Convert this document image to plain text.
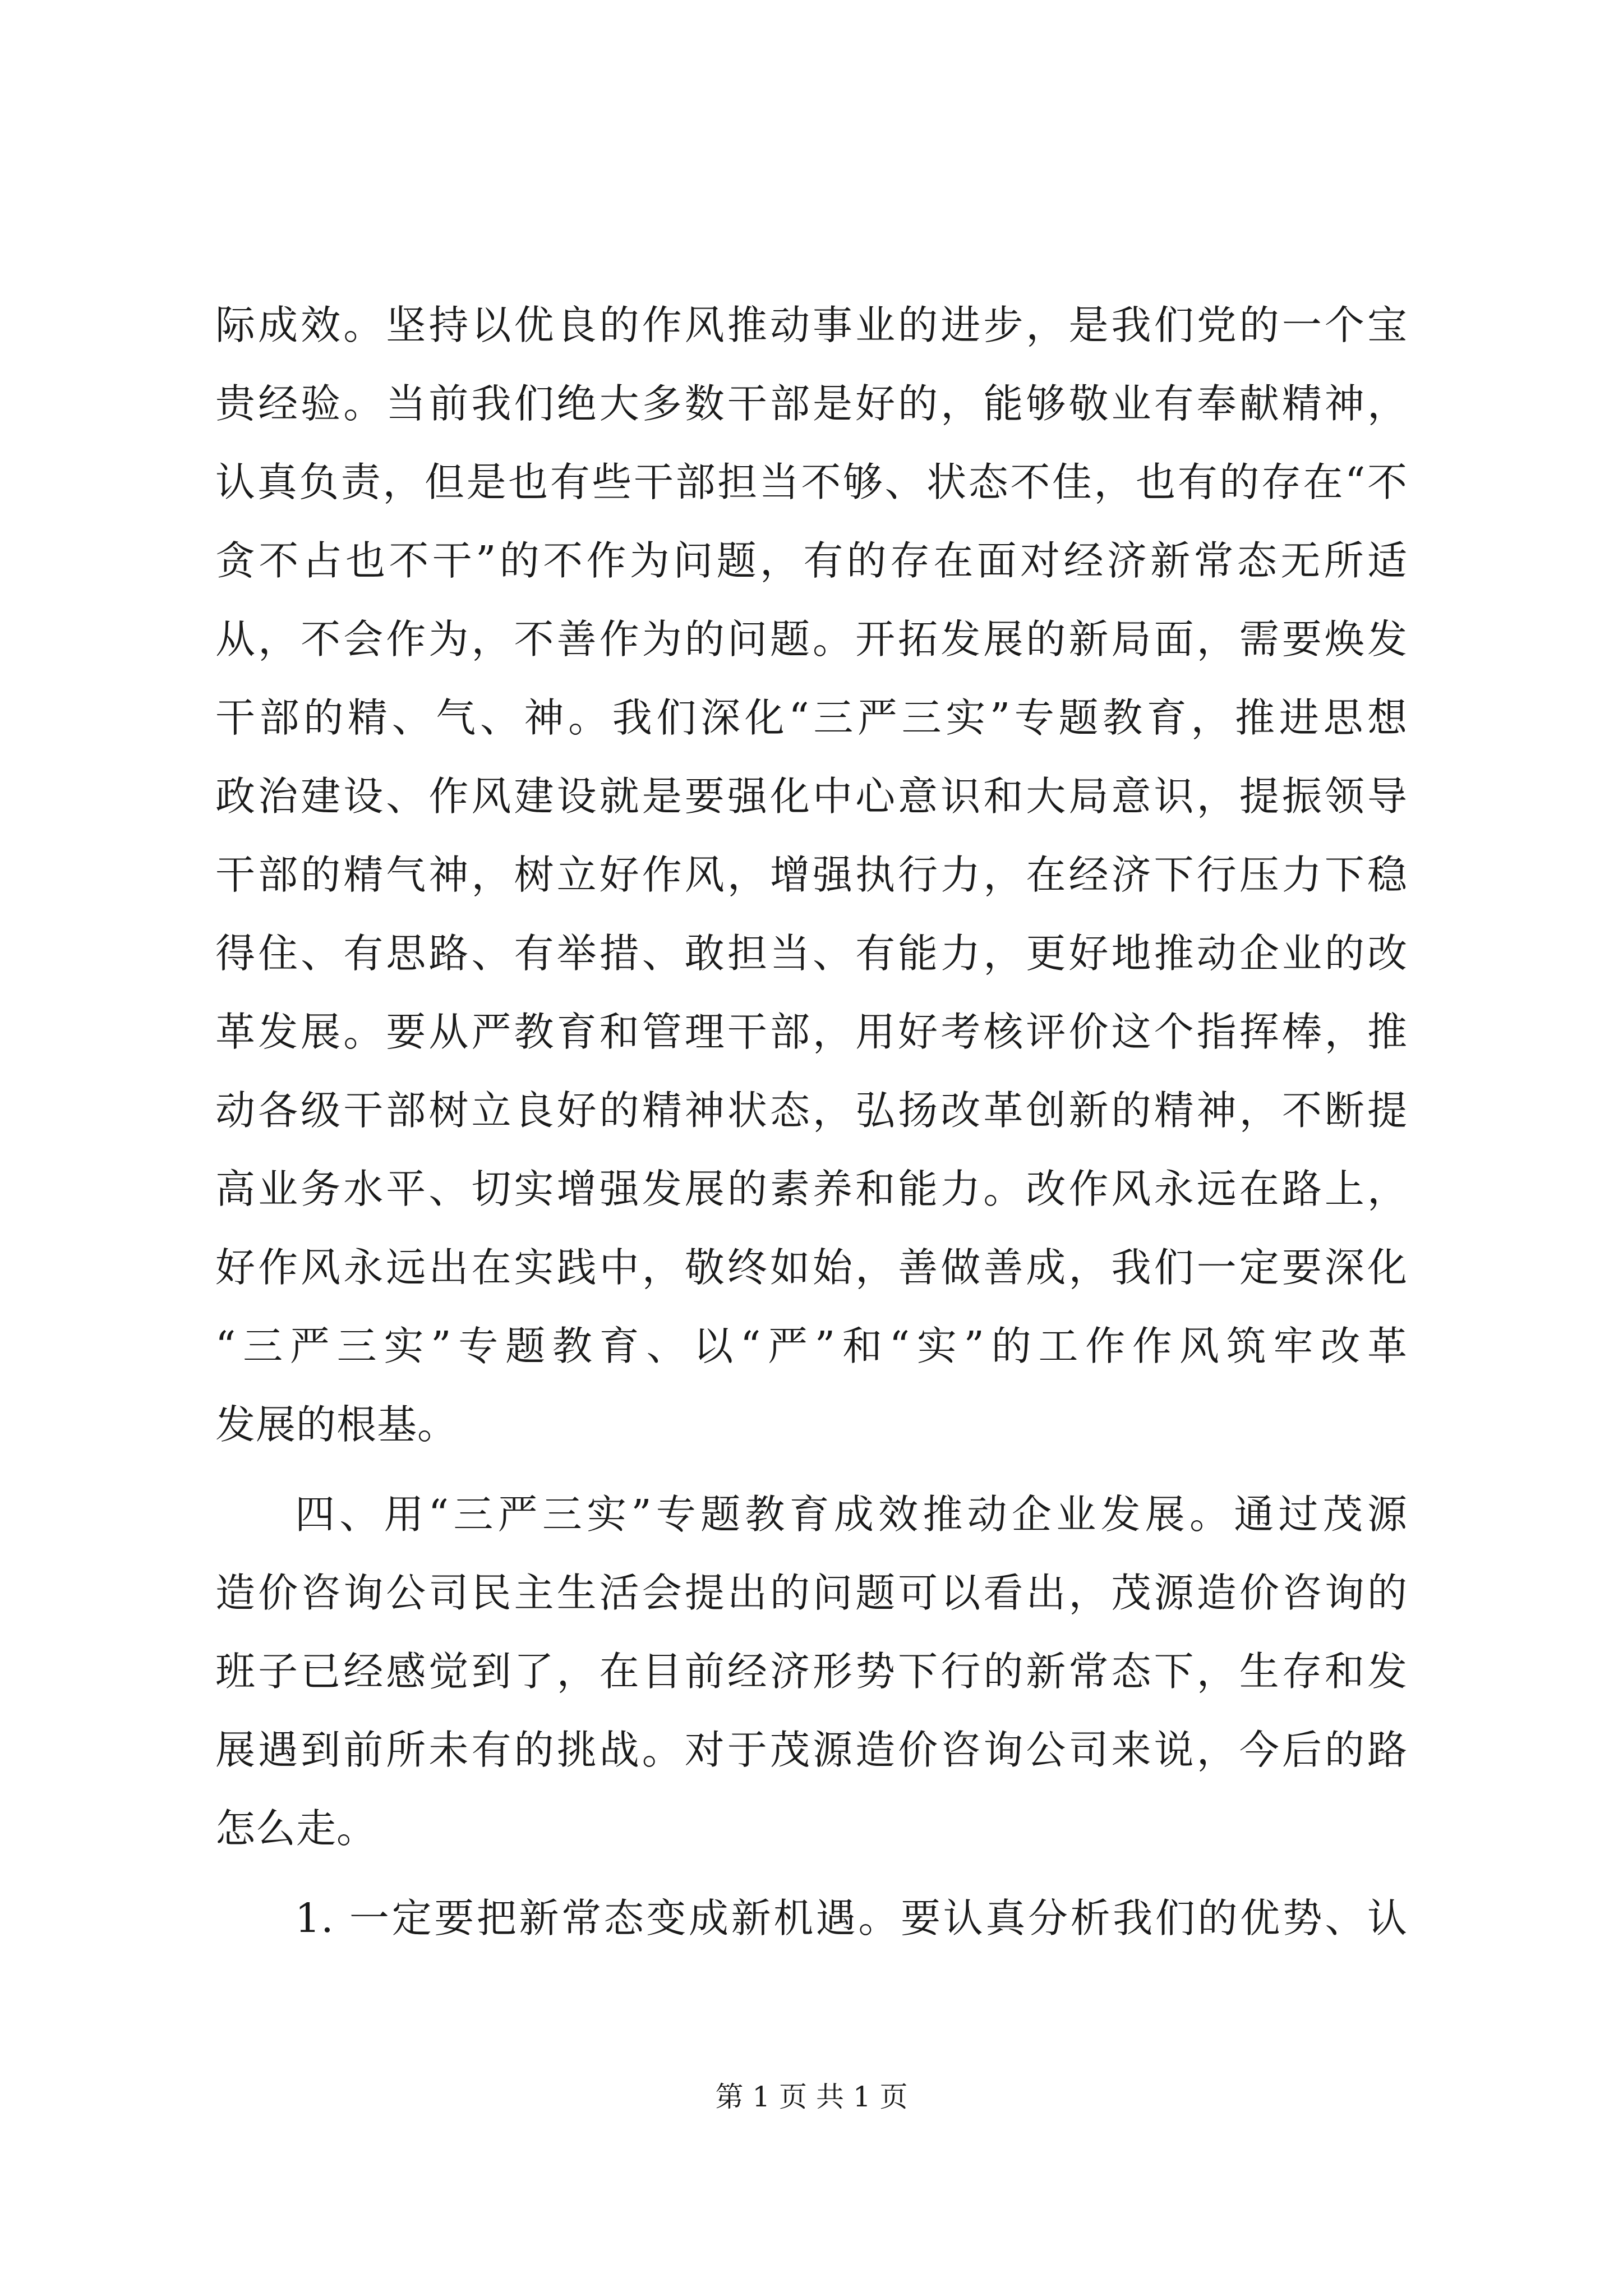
际成效。坚持以优良的作风推动事业的进步，是我们党的一个宝
贵经验。当前我们绝大多数干部是好的，能够敬业有奉献精神，
认真负责，但是也有些干部担当不够、状态不佳，也有的存在“不
贪不占也不干”的不作为问题，有的存在面对经济新常态无所适
从，不会作为，不善作为的问题。开拓发展的新局面，需要焕发
干部的精、气、神。我们深化“三严三实”专题教育，推进思想
政治建设、作风建设就是要强化中心意识和大局意识，提振领导
干部的精气神，树立好作风，增强执行力，在经济下行压力下稳
得住、有思路、有举措、敢担当、有能力，更好地推动企业的改
革发展。要从严教育和管理干部，用好考核评价这个指挥棒，推
动各级干部树立良好的精神状态，弘扬改革创新的精神，不断提
高业务水平、切实增强发展的素养和能力。改作风永远在路上，
好作风永远出在实践中，敬终如始，善做善成，我们一定要深化
“三严三实”专题教育、以“严”和“实”的工作作风筑牢改革
发展的根基。
四、用“三严三实”专题教育成效推动企业发展。通过茂源
造价咨询公司民主生活会提出的问题可以看出，茂源造价咨询的
班子已经感觉到了，在目前经济形势下行的新常态下，生存和发
展遇到前所未有的挑战。对于茂源造价咨询公司来说，今后的路
怎么走。
1. 一定要把新常态变成新机遇。要认真分析我们的优势、认
第 1 页 共 1 页
